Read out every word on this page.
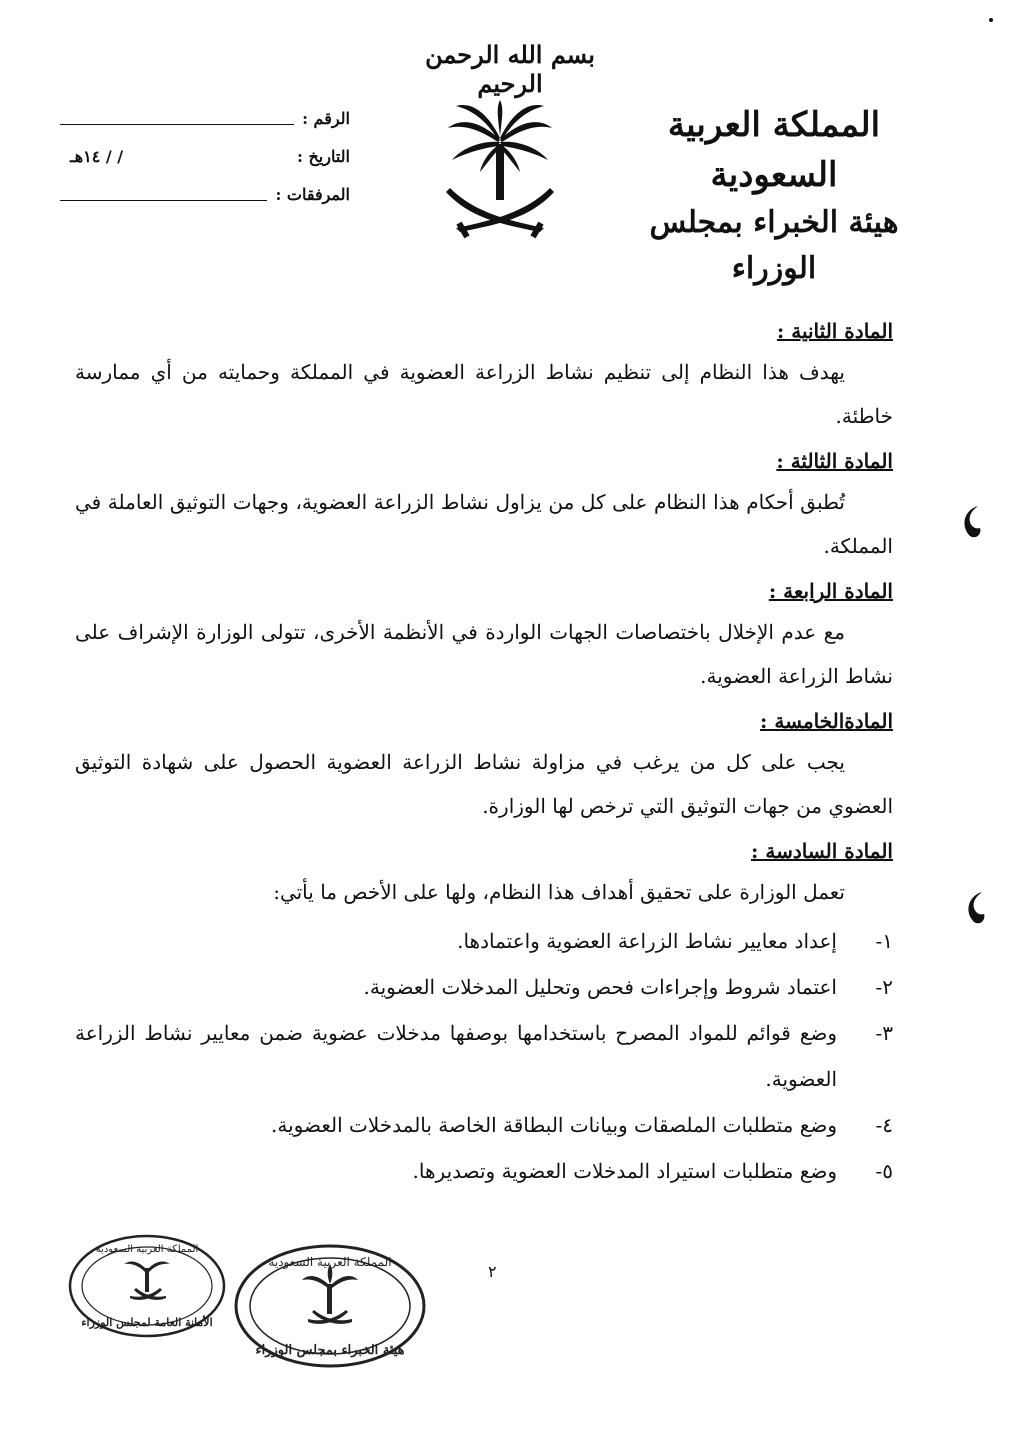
بسم الله الرحمن الرحيم
المملكة العربية السعودية
هيئة الخبراء بمجلس الوزراء
الرقم :
التاريخ :
/ / ١٤هـ
المرفقات :
المادة الثانية :

يهدف هذا النظام إلى تنظيم نشاط الزراعة العضوية في المملكة وحمايته من أي ممارسة خاطئة.

المادة الثالثة :

تُطبق أحكام هذا النظام على كل من يزاول نشاط الزراعة العضوية، وجهات التوثيق العاملة في المملكة.

المادة الرابعة :

مع عدم الإخلال باختصاصات الجهات الواردة في الأنظمة الأخرى، تتولى الوزارة الإشراف على نشاط الزراعة العضوية.

المادةالخامسة :

يجب على كل من يرغب في مزاولة نشاط الزراعة العضوية الحصول على شهادة التوثيق العضوي من جهات التوثيق التي ترخص لها الوزارة.

المادة السادسة :

تعمل الوزارة على تحقيق أهداف هذا النظام، ولها على الأخص ما يأتي:

١-
إعداد معايير نشاط الزراعة العضوية واعتمادها.
٢-
اعتماد شروط وإجراءات فحص وتحليل المدخلات العضوية.
٣-
وضع قوائم للمواد المصرح باستخدامها بوصفها مدخلات عضوية ضمن معايير نشاط الزراعة العضوية.
٤-
وضع متطلبات الملصقات وبيانات البطاقة الخاصة بالمدخلات العضوية.
٥-
وضع متطلبات استيراد المدخلات العضوية وتصديرها.
٢
المملكة العربية السعودية
هيئة الخبراء بمجلس الوزراء
المملكة العربية السعودية
الأمانة العامة لمجلس الوزراء
